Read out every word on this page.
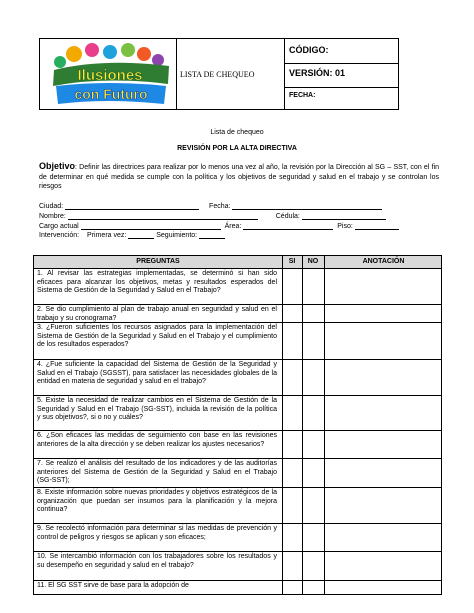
Ilusiones
con Futuro
LISTA DE CHEQUEO
CÓDIGO:
VERSIÓN: 01
FECHA:
Lista de chequeo
REVISIÓN POR LA ALTA DIRECTIVA
Objetivo: Definir las directrices para realizar por lo menos una vez al año, la revisión por la Dirección al SG – SST, con el fin de determinar en qué medida se cumple con la política y los objetivos de seguridad y salud en el trabajo y se controlan los riesgos
Ciudad:	Fecha:
Nombre:	Cédula:
Cargo actual	Área:	Piso:
Intervención: Primera vez:	Seguimiento:
PREGUNTAS	SI	NO	ANOTACIÓN
1. Al revisar las estrategias implementadas, se determinó si han sido eficaces para alcanzar los objetivos, metas y resultados esperados del Sistema de Gestión de la Seguridad y Salud en el Trabajo?
2. Se dio cumplimiento al plan de trabajo anual en seguridad y salud en el trabajo y su cronograma?
3. ¿Fueron suficientes los recursos asignados para la implementación del Sistema de Gestión de la Seguridad y Salud en el Trabajo y el cumplimiento de los resultados esperados?
4. ¿Fue suficiente la capacidad del Sistema de Gestión de la Seguridad y Salud en el Trabajo (SGSST), para satisfacer las necesidades globales de la entidad en materia de seguridad y salud en el trabajo?
5. Existe la necesidad de realizar cambios en el Sistema de Gestión de la Seguridad y Salud en el Trabajo (SG-SST), incluida la revisión de la política y sus objetivos?, si o no y cuáles?
6. ¿Son eficaces las medidas de seguimiento con base en las revisiones anteriores de la alta dirección y se deben realizar los ajustes necesarios?
7. Se realizó el análisis del resultado de los indicadores y de las auditorías anteriores del Sistema de Gestión de la Seguridad y Salud en el Trabajo (SG-SST);
8. Existe información sobre nuevas prioridades y objetivos estratégicos de la organización que puedan ser insumos para la planificación y la mejora continua?
9. Se recolectó información para determinar si las medidas de prevención y control de peligros y riesgos se aplican y son eficaces;
10. Se intercambió información con los trabajadores sobre los resultados y su desempeño en seguridad y salud en el trabajo?
11. El SG SST sirve de base para la adopción de
